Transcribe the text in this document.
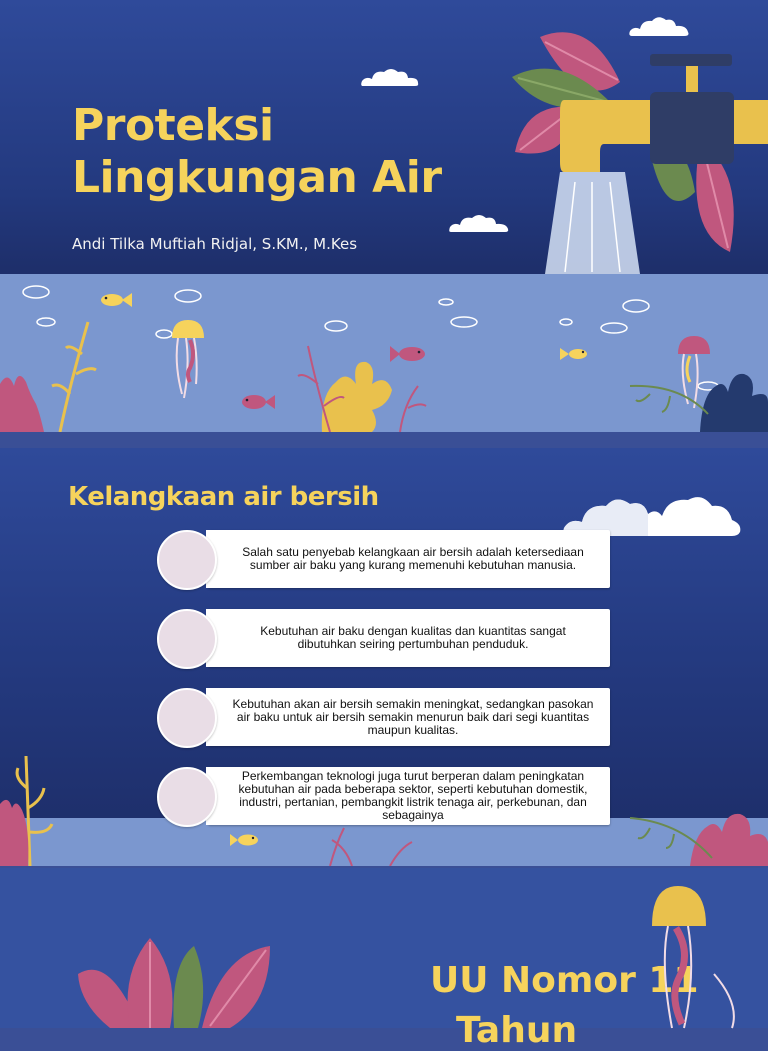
Proteksi
Lingkungan Air
Andi Tilka Muftiah Ridjal, S.KM., M.Kes
Kelangkaan air bersih
Salah satu penyebab kelangkaan air bersih adalah ketersediaan sumber air baku yang kurang memenuhi kebutuhan manusia.
Kebutuhan air baku dengan kualitas dan kuantitas sangat dibutuhkan seiring pertumbuhan penduduk.
Kebutuhan akan air bersih semakin meningkat, sedangkan pasokan air baku untuk air bersih semakin menurun baik dari segi kuantitas maupun kualitas.
Perkembangan teknologi juga turut berperan dalam peningkatan kebutuhan air pada beberapa sektor, seperti kebutuhan domestik, industri, pertanian, pembangkit listrik tenaga air, perkebunan, dan sebagainya
UU Nomor 11
Tahun
